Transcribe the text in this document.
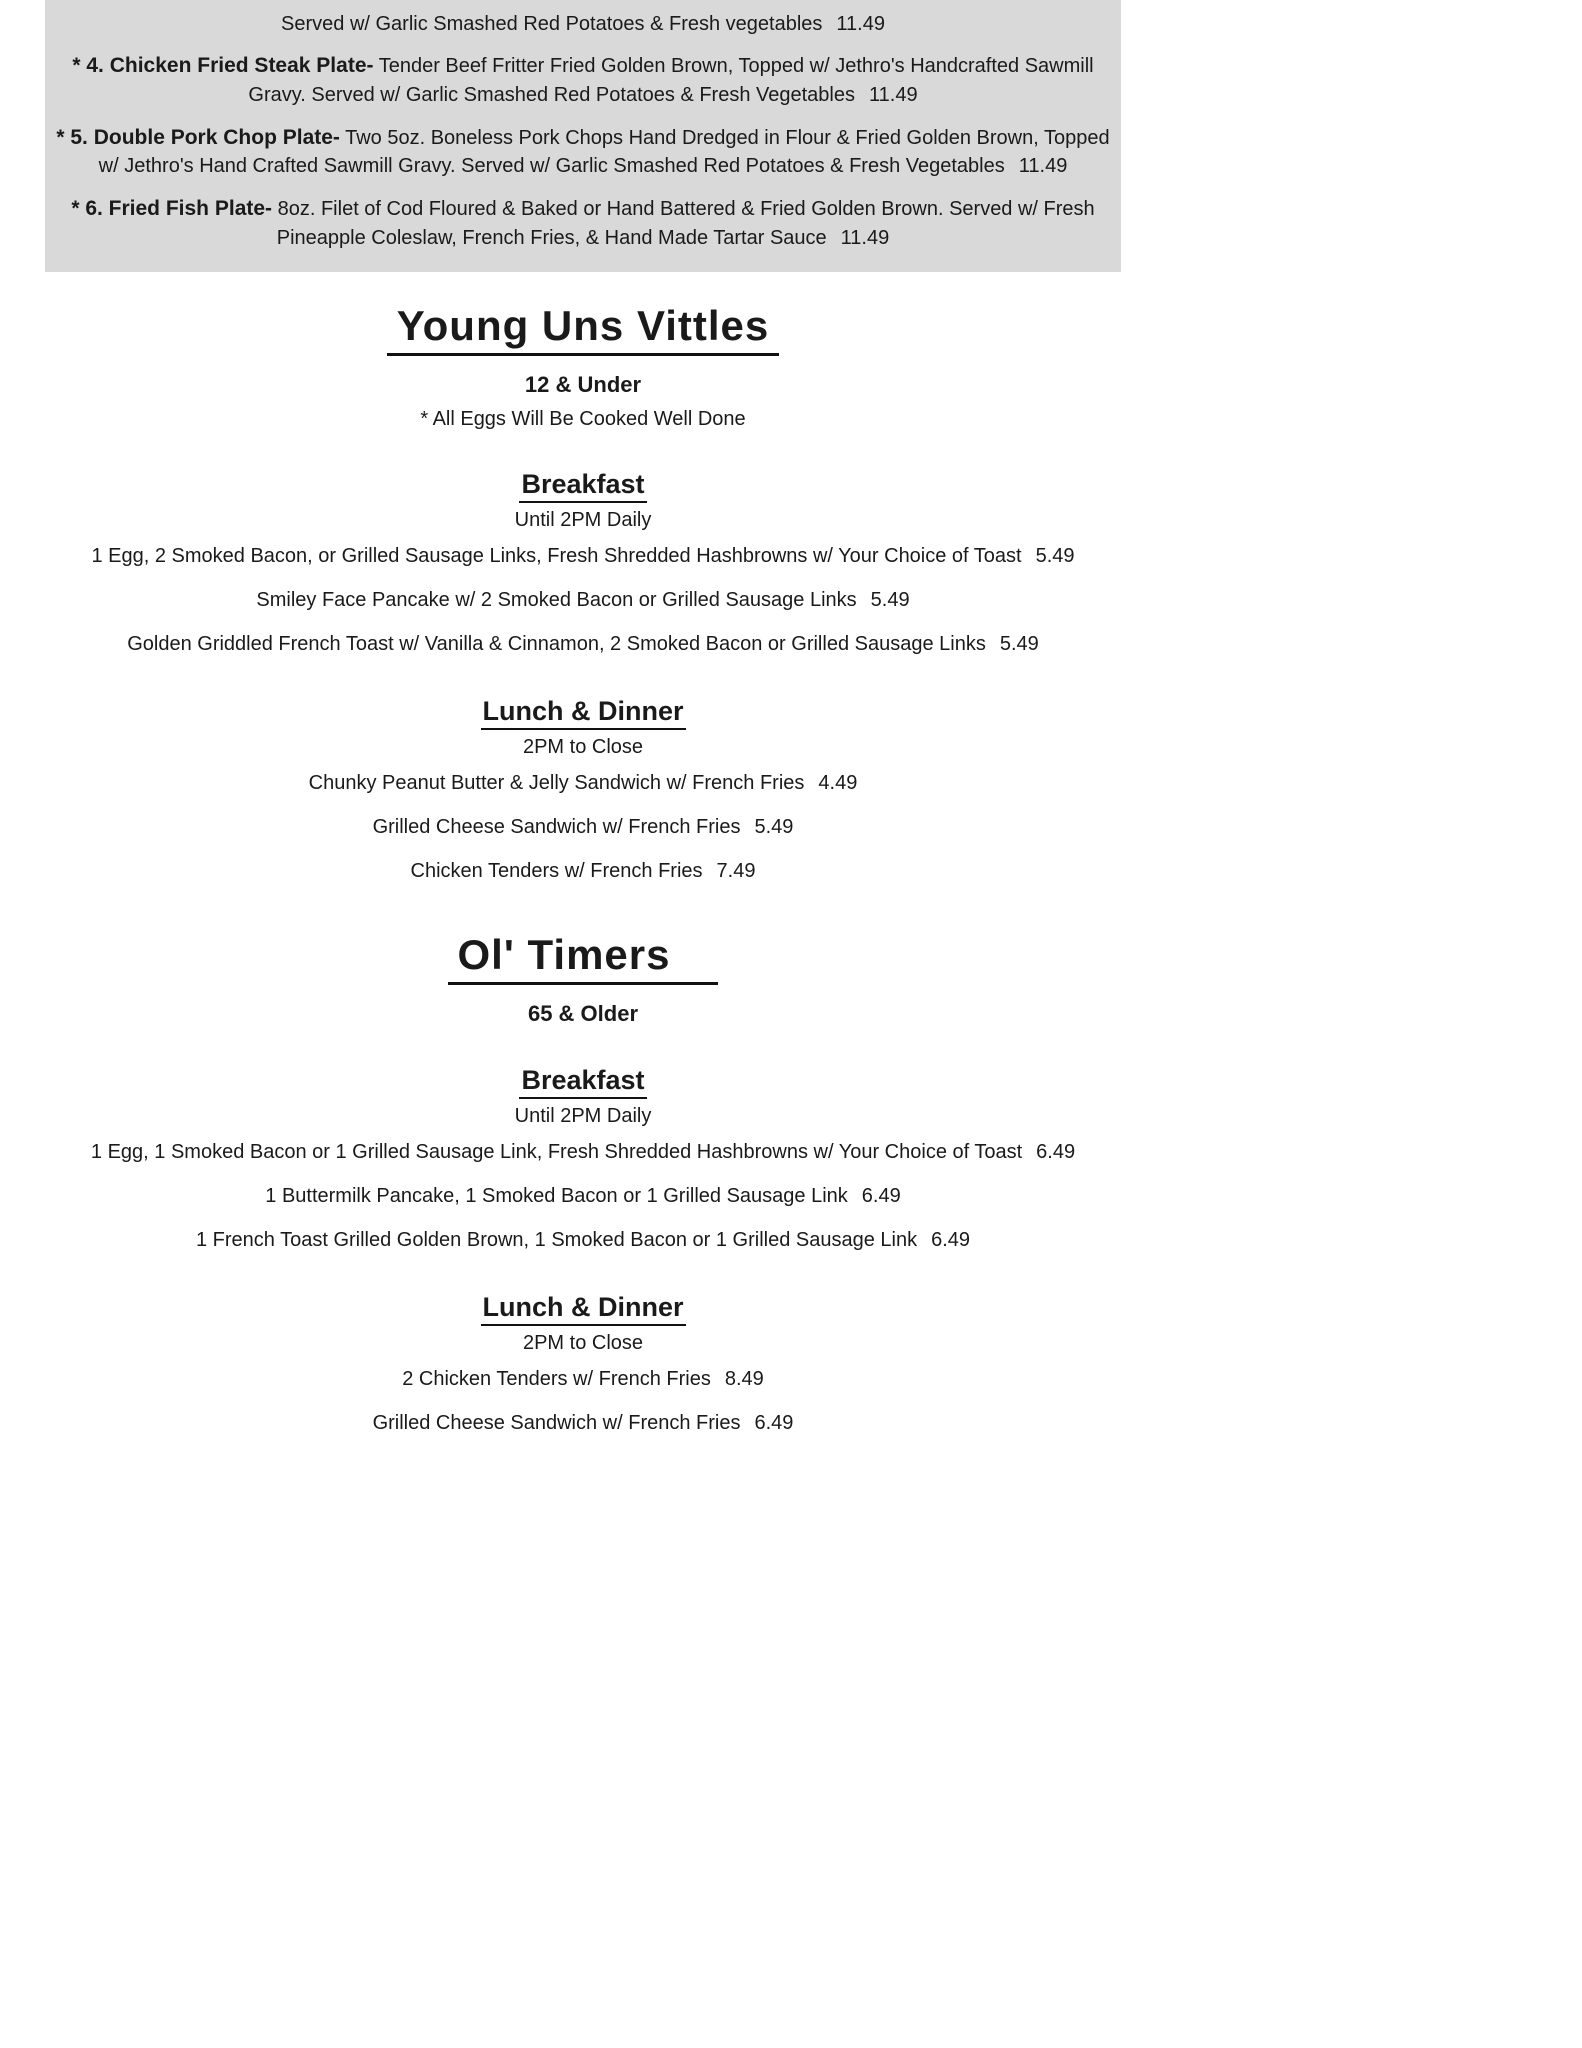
Served w/ Garlic Smashed Red Potatoes & Fresh vegetables 11.49

* 4. Chicken Fried Steak Plate- Tender Beef Fritter Fried Golden Brown, Topped w/ Jethro's Handcrafted Sawmill Gravy. Served w/ Garlic Smashed Red Potatoes & Fresh Vegetables 11.49

* 5. Double Pork Chop Plate- Two 5oz. Boneless Pork Chops Hand Dredged in Flour & Fried Golden Brown, Topped w/ Jethro's Hand Crafted Sawmill Gravy. Served w/ Garlic Smashed Red Potatoes & Fresh Vegetables 11.49

* 6. Fried Fish Plate- 8oz. Filet of Cod Floured & Baked or Hand Battered & Fried Golden Brown. Served w/ Fresh Pineapple Coleslaw, French Fries, & Hand Made Tartar Sauce 11.49

Young Uns Vittles

12 & Under

* All Eggs Will Be Cooked Well Done

Breakfast

Until 2PM Daily

1 Egg, 2 Smoked Bacon, or Grilled Sausage Links, Fresh Shredded Hashbrowns w/ Your Choice of Toast 5.49

Smiley Face Pancake w/ 2 Smoked Bacon or Grilled Sausage Links 5.49

Golden Griddled French Toast w/ Vanilla & Cinnamon, 2 Smoked Bacon or Grilled Sausage Links 5.49

Lunch & Dinner

2PM to Close

Chunky Peanut Butter & Jelly Sandwich w/ French Fries 4.49

Grilled Cheese Sandwich w/ French Fries 5.49

Chicken Tenders w/ French Fries 7.49

Ol' Timers

65 & Older

Breakfast

Until 2PM Daily

1 Egg, 1 Smoked Bacon or 1 Grilled Sausage Link, Fresh Shredded Hashbrowns w/ Your Choice of Toast 6.49

1 Buttermilk Pancake, 1 Smoked Bacon or 1 Grilled Sausage Link 6.49

1 French Toast Grilled Golden Brown, 1 Smoked Bacon or 1 Grilled Sausage Link 6.49

Lunch & Dinner

2PM to Close

2 Chicken Tenders w/ French Fries 8.49

Grilled Cheese Sandwich w/ French Fries 6.49
